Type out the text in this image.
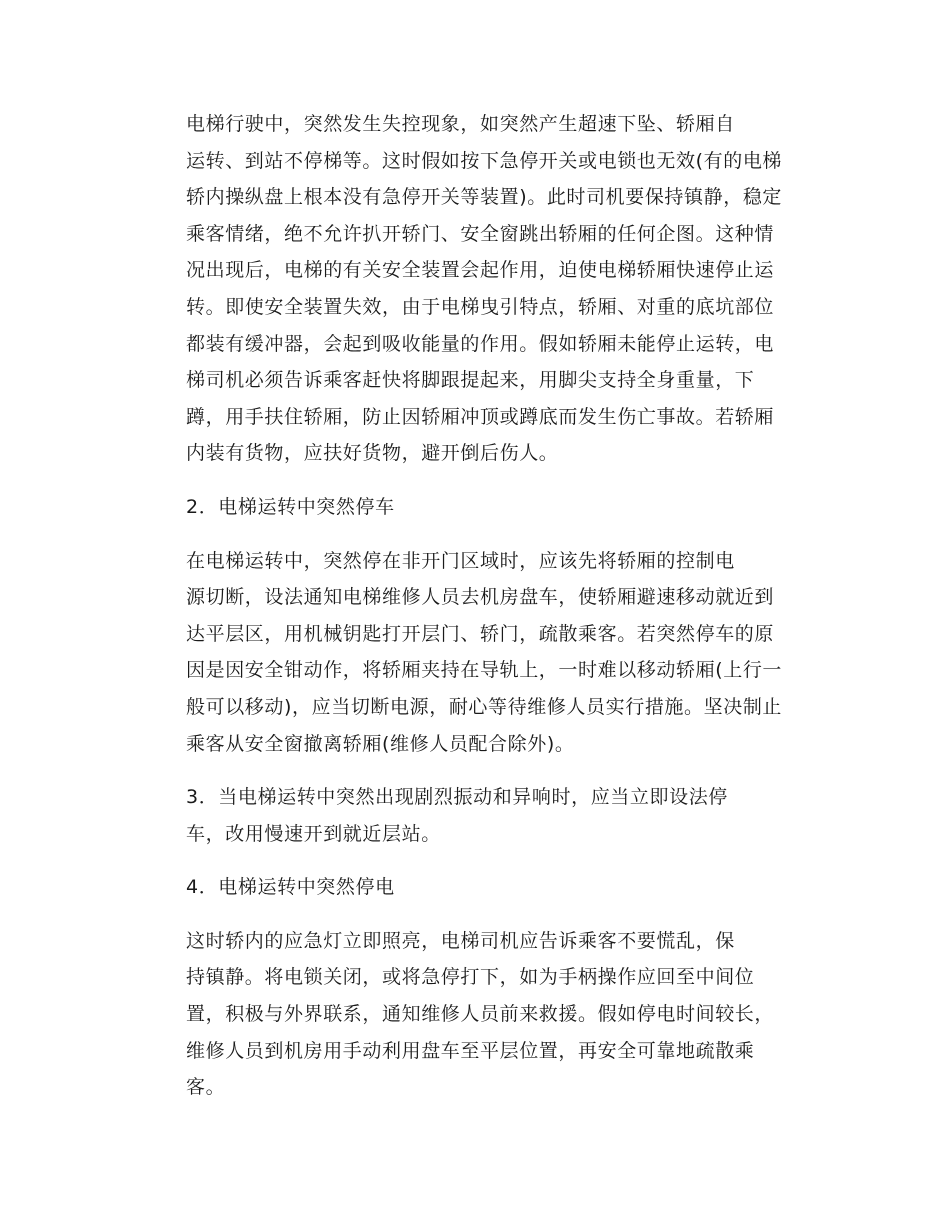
电梯行驶中，突然发生失控现象，如突然产生超速下坠、轿厢自
运转、到站不停梯等。这时假如按下急停开关或电锁也无效(有的电梯
轿内操纵盘上根本没有急停开关等装置)。此时司机要保持镇静，稳定
乘客情绪，绝不允许扒开轿门、安全窗跳出轿厢的任何企图。这种情
况出现后，电梯的有关安全装置会起作用，迫使电梯轿厢快速停止运
转。即使安全装置失效，由于电梯曳引特点，轿厢、对重的底坑部位
都装有缓冲器，会起到吸收能量的作用。假如轿厢未能停止运转，电
梯司机必须告诉乘客赶快将脚跟提起来，用脚尖支持全身重量，下
蹲，用手扶住轿厢，防止因轿厢冲顶或蹲底而发生伤亡事故。若轿厢
内装有货物，应扶好货物，避开倒后伤人。

2．电梯运转中突然停车

在电梯运转中，突然停在非开门区域时，应该先将轿厢的控制电
源切断，设法通知电梯维修人员去机房盘车，使轿厢避速移动就近到
达平层区，用机械钥匙打开层门、轿门，疏散乘客。若突然停车的原
因是因安全钳动作，将轿厢夹持在导轨上，一时难以移动轿厢(上行一
般可以移动)，应当切断电源，耐心等待维修人员实行措施。坚决制止
乘客从安全窗撤离轿厢(维修人员配合除外)。

3．当电梯运转中突然出现剧烈振动和异响时，应当立即设法停
车，改用慢速开到就近层站。

4．电梯运转中突然停电

这时轿内的应急灯立即照亮，电梯司机应告诉乘客不要慌乱，保
持镇静。将电锁关闭，或将急停打下，如为手柄操作应回至中间位
置，积极与外界联系，通知维修人员前来救援。假如停电时间较长，
维修人员到机房用手动利用盘车至平层位置，再安全可靠地疏散乘
客。
